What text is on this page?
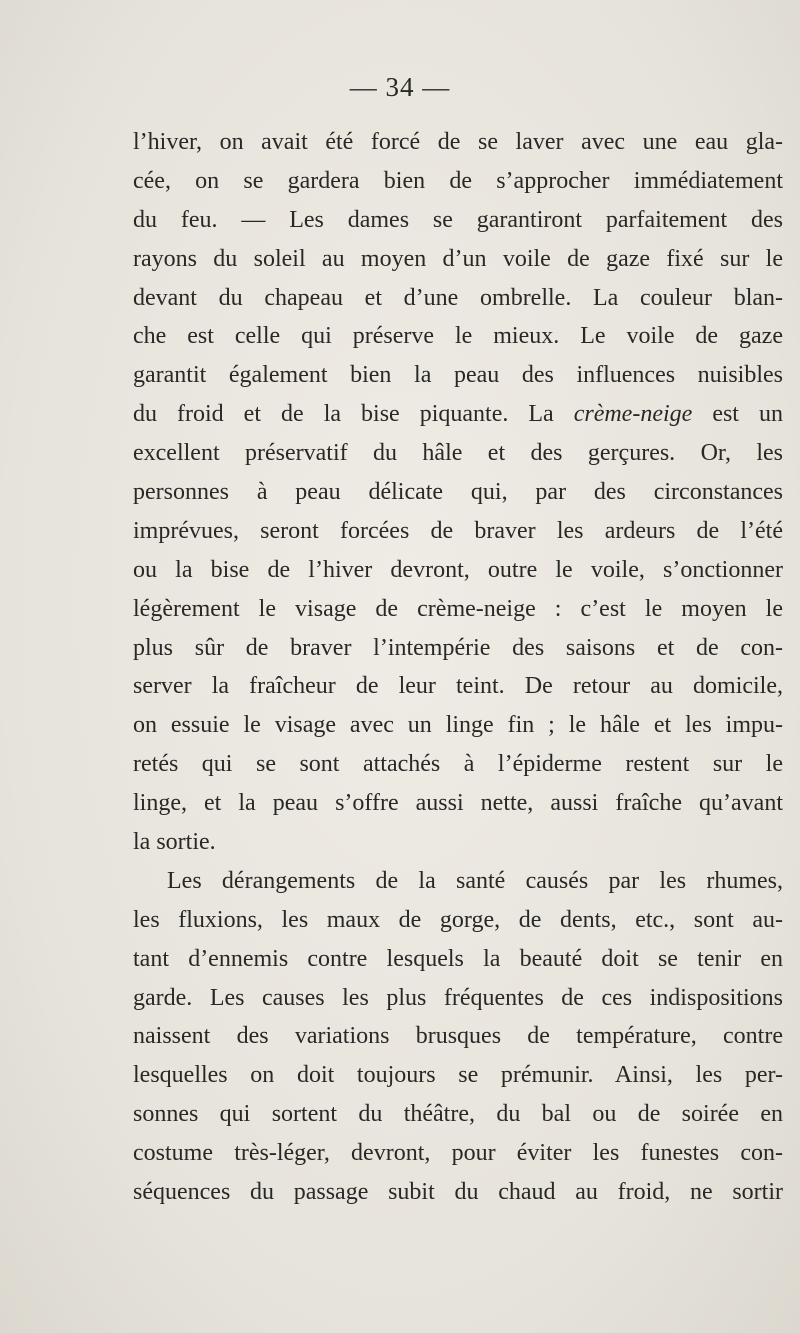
— 34 —
l’hiver, on avait été forcé de se laver avec une eau gla-
cée, on se gardera bien de s’approcher immédiatement
du feu. — Les dames se garantiront parfaitement des
rayons du soleil au moyen d’un voile de gaze fixé sur le
devant du chapeau et d’une ombrelle. La couleur blan-
che est celle qui préserve le mieux. Le voile de gaze
garantit également bien la peau des influences nuisibles
du froid et de la bise piquante. La crème-neige est un
excellent préservatif du hâle et des gerçures. Or, les
personnes à peau délicate qui, par des circonstances
imprévues, seront forcées de braver les ardeurs de l’été
ou la bise de l’hiver devront, outre le voile, s’onctionner
légèrement le visage de crème-neige : c’est le moyen le
plus sûr de braver l’intempérie des saisons et de con-
server la fraîcheur de leur teint. De retour au domicile,
on essuie le visage avec un linge fin ; le hâle et les impu-
retés qui se sont attachés à l’épiderme restent sur le
linge, et la peau s’offre aussi nette, aussi fraîche qu’avant
la sortie.
Les dérangements de la santé causés par les rhumes,
les fluxions, les maux de gorge, de dents, etc., sont au-
tant d’ennemis contre lesquels la beauté doit se tenir en
garde. Les causes les plus fréquentes de ces indispositions
naissent des variations brusques de température, contre
lesquelles on doit toujours se prémunir. Ainsi, les per-
sonnes qui sortent du théâtre, du bal ou de soirée en
costume très-léger, devront, pour éviter les funestes con-
séquences du passage subit du chaud au froid, ne sortir
